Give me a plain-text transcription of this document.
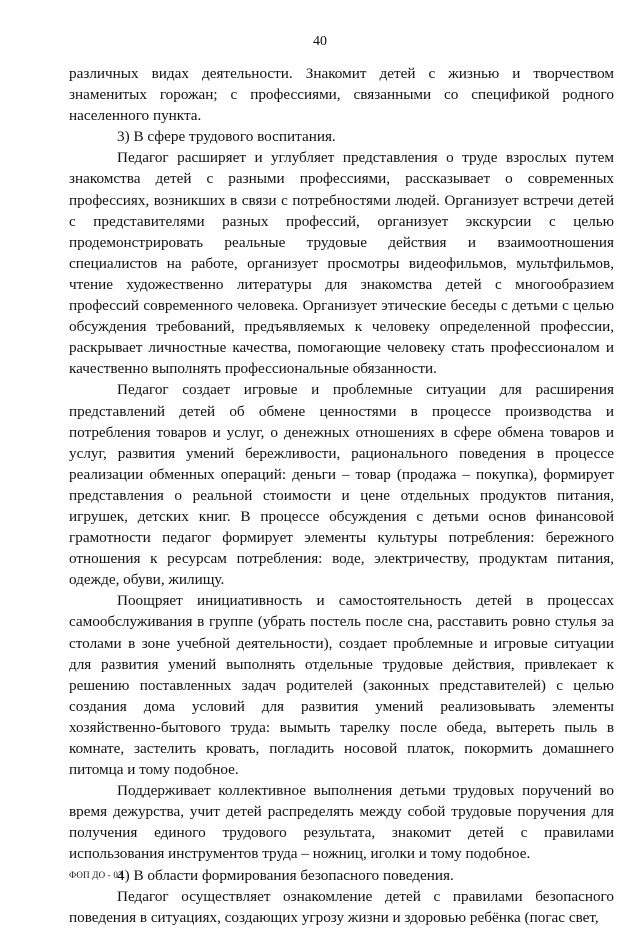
40

различных видах деятельности. Знакомит детей с жизнью и творчеством знаменитых горожан; с профессиями, связанными со спецификой родного населенного пункта.

3) В сфере трудового воспитания.

Педагог расширяет и углубляет представления о труде взрослых путем знакомства детей с разными профессиями, рассказывает о современных профессиях, возникших в связи с потребностями людей. Организует встречи детей с представителями разных профессий, организует экскурсии с целью продемонстрировать реальные трудовые действия и взаимоотношения специалистов на работе, организует просмотры видеофильмов, мультфильмов, чтение художественно литературы для знакомства детей с многообразием профессий современного человека. Организует этические беседы с детьми с целью обсуждения требований, предъявляемых к человеку определенной профессии, раскрывает личностные качества, помогающие человеку стать профессионалом и качественно выполнять профессиональные обязанности.

Педагог создает игровые и проблемные ситуации для расширения представлений детей об обмене ценностями в процессе производства и потребления товаров и услуг, о денежных отношениях в сфере обмена товаров и услуг, развития умений бережливости, рационального поведения в процессе реализации обменных операций: деньги – товар (продажа – покупка), формирует представления о реальной стоимости и цене отдельных продуктов питания, игрушек, детских книг. В процессе обсуждения с детьми основ финансовой грамотности педагог формирует элементы культуры потребления: бережного отношения к ресурсам потребления: воде, электричеству, продуктам питания, одежде, обуви, жилищу.

Поощряет инициативность и самостоятельность детей в процессах самообслуживания в группе (убрать постель после сна, расставить ровно стулья за столами в зоне учебной деятельности), создает проблемные и игровые ситуации для развития умений выполнять отдельные трудовые действия, привлекает к решению поставленных задач родителей (законных представителей) с целью создания дома условий для развития умений реализовывать элементы хозяйственно-бытового труда: вымыть тарелку после обеда, вытереть пыль в комнате, застелить кровать, погладить носовой платок, покормить домашнего питомца и тому подобное.

Поддерживает коллективное выполнения детьми трудовых поручений во время дежурства, учит детей распределять между собой трудовые поручения для получения единого трудового результата, знакомит детей с правилами использования инструментов труда – ножниц, иголки и тому подобное.

4) В области формирования безопасного поведения.

Педагог осуществляет ознакомление детей с правилами безопасного поведения в ситуациях, создающих угрозу жизни и здоровью ребёнка (погас свет,

ФОП ДО - 03
